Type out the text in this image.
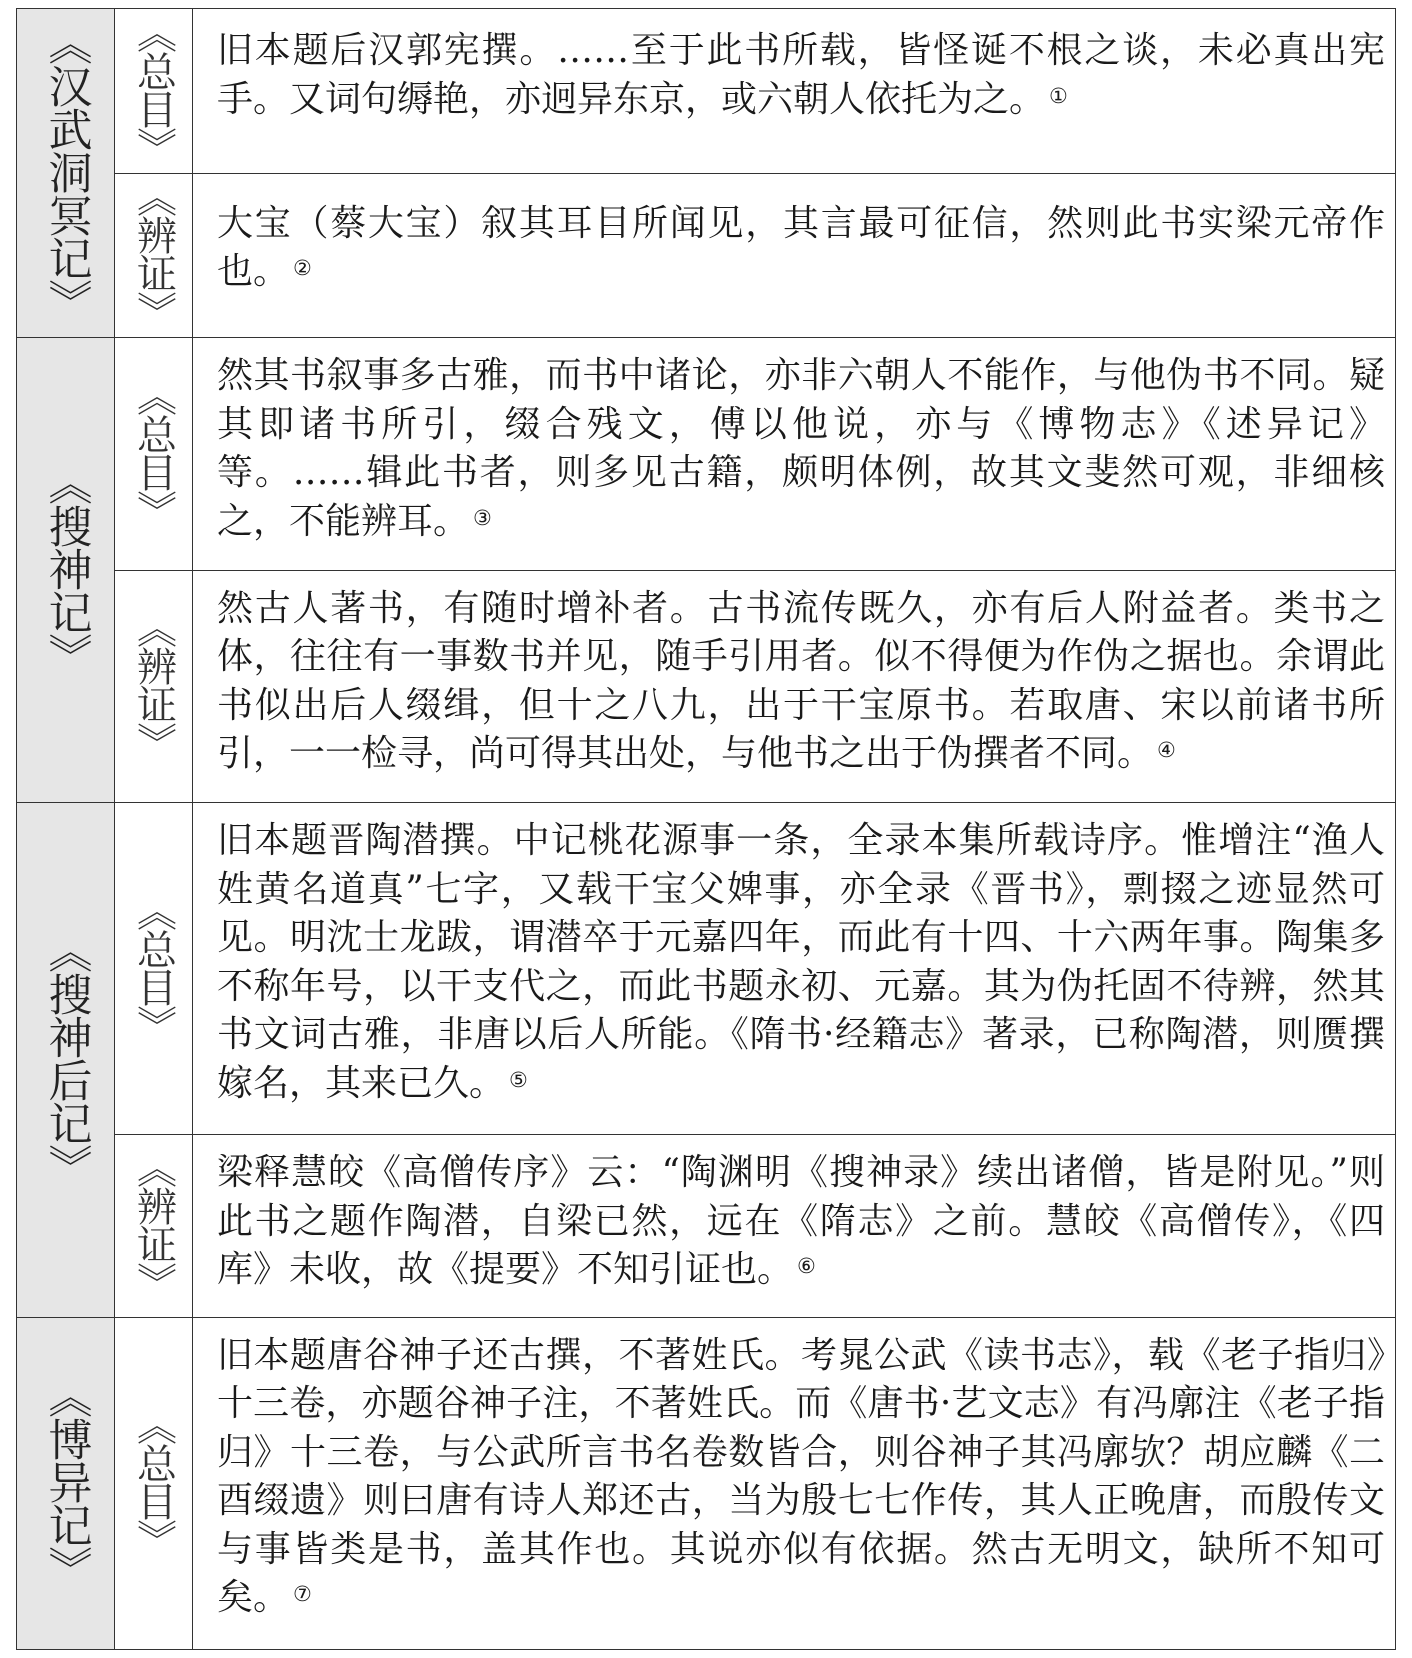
《汉武洞冥记》	《总目》	旧本题后汉郭宪撰。……至于此书所载，皆怪诞不根之谈，未必真出宪手。又词句缛艳，亦迥异东京，或六朝人依托为之。 ①

	《辨证》	大宝（蔡大宝）叙其耳目所闻见，其言最可征信，然则此书实梁元帝作也。 ②

《搜神记》	《总目》	然其书叙事多古雅，而书中诸论，亦非六朝人不能作，与他伪书不同。疑其即诸书所引，缀合残文，傅以他说，亦与《博物志》《述异记》等。……辑此书者，则多见古籍，颇明体例，故其文斐然可观，非细核之，不能辨耳。 ③

	《辨证》	然古人著书，有随时增补者。古书流传既久，亦有后人附益者。类书之体，往往有一事数书并见，随手引用者。似不得便为作伪之据也。余谓此书似出后人缀缉，但十之八九，出于干宝原书。若取唐、宋以前诸书所引，一一检寻，尚可得其出处，与他书之出于伪撰者不同。 ④

《搜神后记》	《总目》	旧本题晋陶潜撰。中记桃花源事一条，全录本集所载诗序。惟增注“渔人姓黄名道真”七字，又载干宝父婢事，亦全录《晋书》，剽掇之迹显然可见。明沈士龙跋，谓潜卒于元嘉四年，而此有十四、十六两年事。陶集多不称年号，以干支代之，而此书题永初、元嘉。其为伪托固不待辨，然其书文词古雅，非唐以后人所能。《隋书·经籍志》著录，已称陶潜，则赝撰嫁名，其来已久。 ⑤

	《辨证》	梁释慧皎《高僧传序》云：“陶渊明《搜神录》续出诸僧，皆是附见。”则此书之题作陶潜，自梁已然，远在《隋志》之前。慧皎《高僧传》，《四库》未收，故《提要》不知引证也。 ⑥

《博异记》	《总目》	旧本题唐谷神子还古撰，不著姓氏。考晁公武《读书志》，载《老子指归》十三卷，亦题谷神子注，不著姓氏。而《唐书·艺文志》有冯廓注《老子指归》十三卷，与公武所言书名卷数皆合，则谷神子其冯廓欤？胡应麟《二酉缀遗》则曰唐有诗人郑还古，当为殷七七作传，其人正晚唐，而殷传文与事皆类是书，盖其作也。其说亦似有依据。然古无明文，缺所不知可矣。 ⑦
